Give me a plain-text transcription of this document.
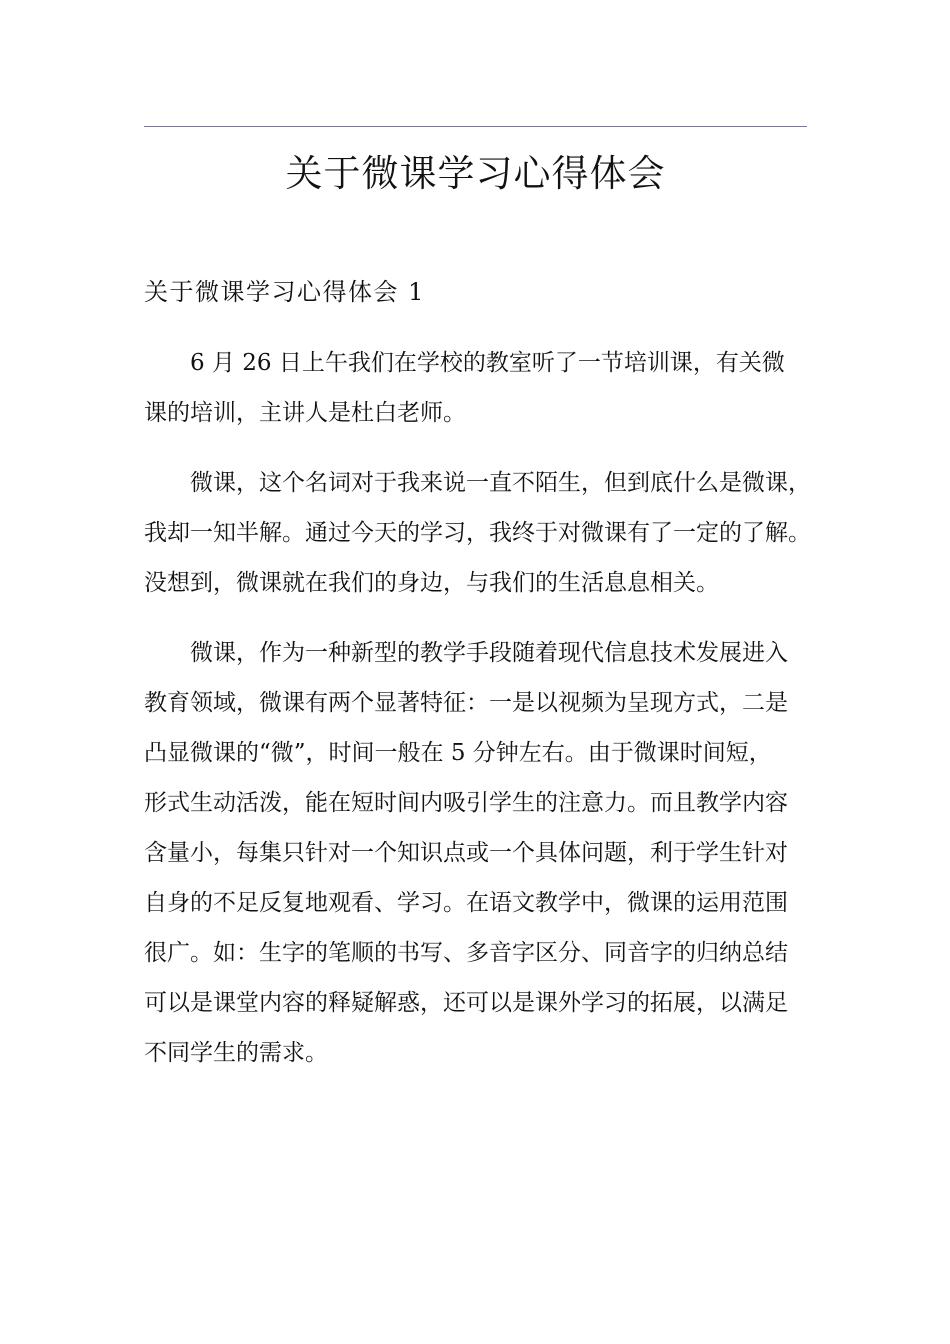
关于微课学习心得体会
关于微课学习心得体会 1

6 月 26 日上午我们在学校的教室听了一节培训课，有关微
课的培训，主讲人是杜白老师。

微课，这个名词对于我来说一直不陌生，但到底什么是微课，
我却一知半解。通过今天的学习，我终于对微课有了一定的了解。
没想到，微课就在我们的身边，与我们的生活息息相关。

微课，作为一种新型的教学手段随着现代信息技术发展进入
教育领域，微课有两个显著特征：一是以视频为呈现方式，二是
凸显微课的“微”，时间一般在 5 分钟左右。由于微课时间短，
形式生动活泼，能在短时间内吸引学生的注意力。而且教学内容
含量小，每集只针对一个知识点或一个具体问题，利于学生针对
自身的不足反复地观看、学习。在语文教学中，微课的运用范围
很广。如：生字的笔顺的书写、多音字区分、同音字的归纳总结
可以是课堂内容的释疑解惑，还可以是课外学习的拓展，以满足
不同学生的需求。
